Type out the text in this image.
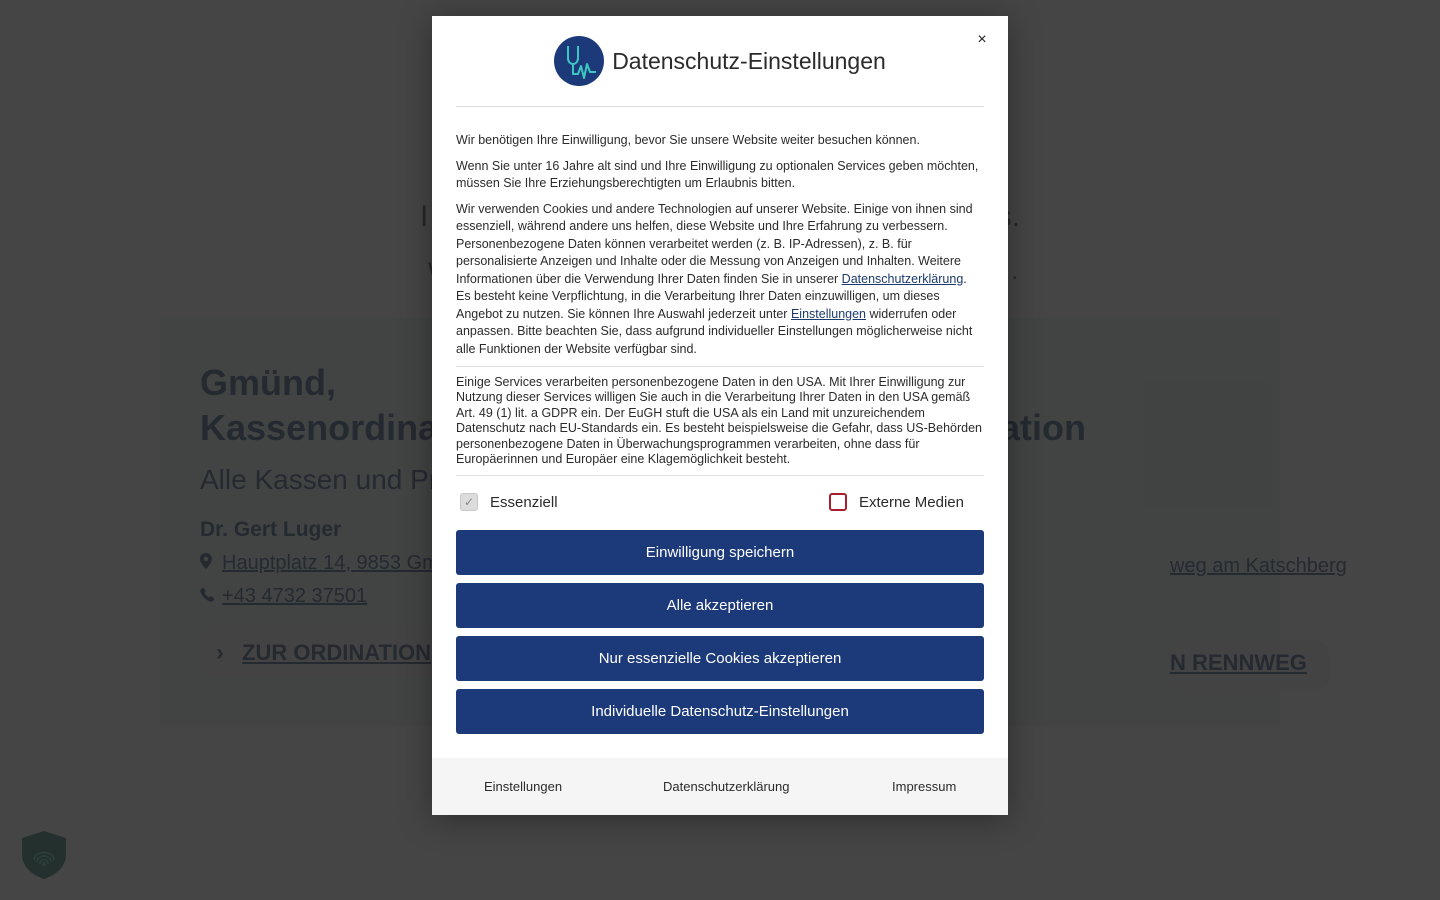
×
Datenschutz-Einstellungen

Wir benötigen Ihre Einwilligung, bevor Sie unsere Website weiter besuchen können.

Wenn Sie unter 16 Jahre alt sind und Ihre Einwilligung zu optionalen Services geben möchten, müssen Sie Ihre Erziehungsberechtigten um Erlaubnis bitten.

Wir verwenden Cookies und andere Technologien auf unserer Website. Einige von ihnen sind essenziell, während andere uns helfen, diese Website und Ihre Erfahrung zu verbessern. Personenbezogene Daten können verarbeitet werden (z. B. IP-Adressen), z. B. für personalisierte Anzeigen und Inhalte oder die Messung von Anzeigen und Inhalten. Weitere Informationen über die Verwendung Ihrer Daten finden Sie in unserer Datenschutzerklärung. Es besteht keine Verpflichtung, in die Verarbeitung Ihrer Daten einzuwilligen, um dieses Angebot zu nutzen. Sie können Ihre Auswahl jederzeit unter Einstellungen widerrufen oder anpassen. Bitte beachten Sie, dass aufgrund individueller Einstellungen möglicherweise nicht alle Funktionen der Website verfügbar sind.

Einige Services verarbeiten personenbezogene Daten in den USA. Mit Ihrer Einwilligung zur Nutzung dieser Services willigen Sie auch in die Verarbeitung Ihrer Daten in den USA gemäß Art. 49 (1) lit. a GDPR ein. Der EuGH stuft die USA als ein Land mit unzureichendem Datenschutz nach EU-Standards ein. Es besteht beispielsweise die Gefahr, dass US-Behörden personenbezogene Daten in Überwachungsprogrammen verarbeiten, ohne dass für Europäerinnen und Europäer eine Klagemöglichkeit besteht.

✓ Essenziell	Externe Medien
Einwilligung speichern
Alle akzeptieren
Nur essenzielle Cookies akzeptieren
Individuelle Datenschutz-Einstellungen
Einstellungen	Datenschutzerklärung	Impressum
